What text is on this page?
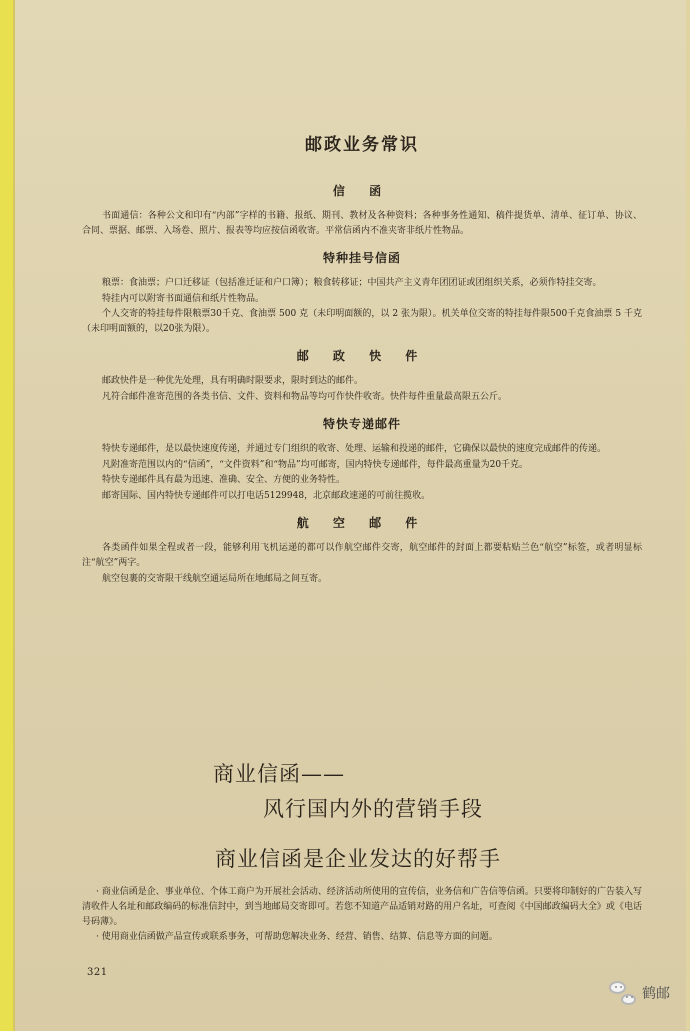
邮政业务常识
信 函

书面通信：各种公文和印有“内部”字样的书籍、报纸、期刊、教材及各种资料；各种事务性通知、稿件提货单、清单、征订单、协议、合同、票据、邮票、入场卷、照片、报表等均应按信函收寄。平常信函内不准夹寄非纸片性物品。

特种挂号信函

粮票：食油票；户口迁移证（包括准迁证和户口簿）；粮食转移证；中国共产主义青年团团证或团组织关系，必须作特挂交寄。

特挂内可以附寄书面通信和纸片性物品。

个人交寄的特挂每件限粮票30千克、食油票 500 克（未印明面额的，以 2 张为限）。机关单位交寄的特挂每件限500千克食油票 5 千克（未印明面额的，以20张为限）。

邮 政 快 件

邮政快件是一种优先处理，具有明确时限要求，限时到达的邮件。

凡符合邮件准寄范围的各类书信、文件、资料和物品等均可作快件收寄。快件每件重量最高限五公斤。

特快专递邮件

特快专递邮件，是以最快速度传递，并通过专门组织的收寄、处理、运输和投递的邮件，它确保以最快的速度完成邮件的传递。

凡附准寄范围以内的“信函”，“文件资料”和“物品”均可邮寄，国内特快专递邮件，每件最高重量为20千克。

特快专递邮件具有最为迅速、准确、安全、方便的业务特性。

邮寄国际、国内特快专递邮件可以打电话5129948，北京邮政速递的可前往揽收。

航 空 邮 件

各类函件如果全程或者一段，能够利用飞机运递的都可以作航空邮件交寄，航空邮件的封面上都要粘贴兰色“航空”标签，或者明显标注“航空”两字。

航空包裹的交寄限干线航空通运局所在地邮局之间互寄。

商业信函——
风行国内外的营销手段
商业信函是企业发达的好帮手

· 商业信函是企、事业单位、个体工商户为开展社会活动、经济活动所使用的宣传信，业务信和广告信等信函。只要将印制好的广告装入写清收件人名址和邮政编码的标准信封中，到当地邮局交寄即可。若您不知道产品适销对路的用户名址，可查阅《中国邮政编码大全》或《电话号码薄》。

· 使用商业信函做产品宣传或联系事务，可帮助您解决业务、经营、销售、结算、信息等方面的问题。

321
鹤邮
